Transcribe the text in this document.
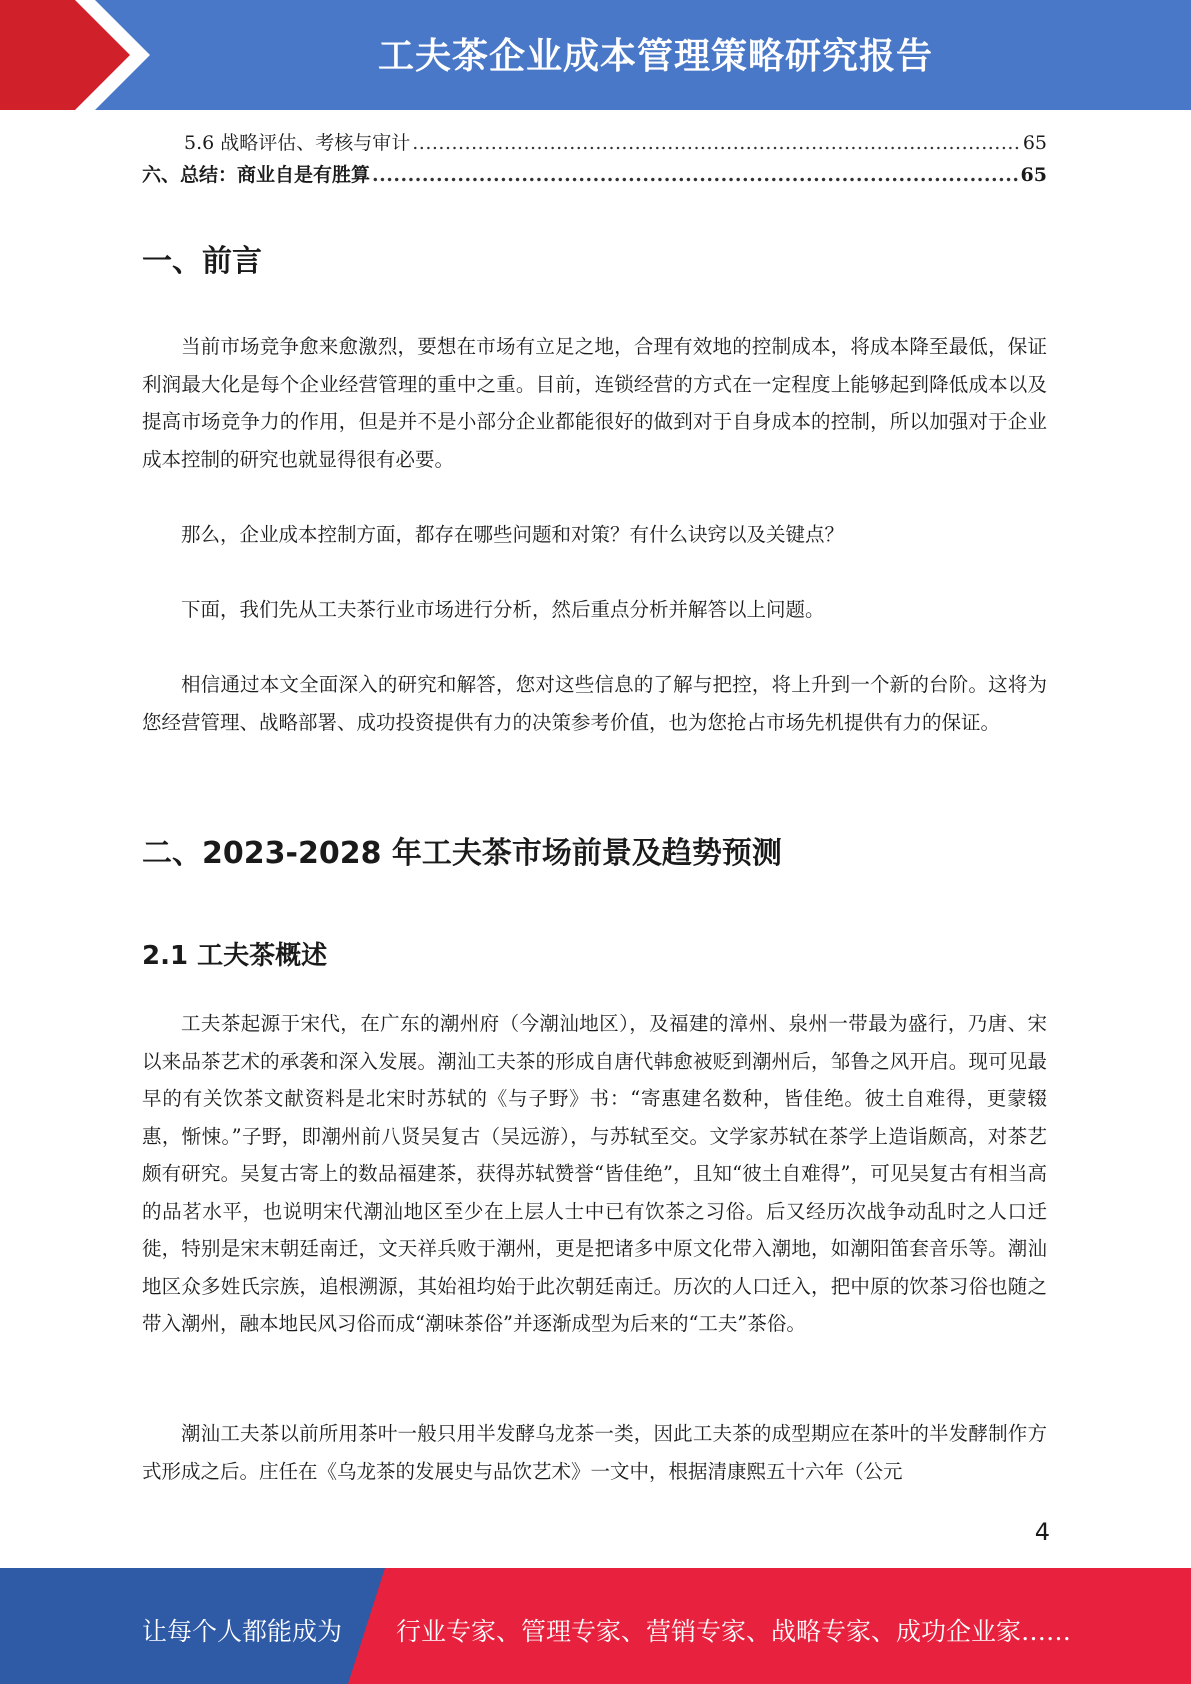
工夫茶企业成本管理策略研究报告
5.6 战略评估、考核与审计 .....	65
六、总结：商业自是有胜算 .....	65
一、前言

当前市场竞争愈来愈激烈，要想在市场有立足之地，合理有效地的控制成本，将成本降至最低，保证利润最大化是每个企业经营管理的重中之重。目前，连锁经营的方式在一定程度上能够起到降低成本以及提高市场竞争力的作用，但是并不是小部分企业都能很好的做到对于自身成本的控制，所以加强对于企业成本控制的研究也就显得很有必要。

那么，企业成本控制方面，都存在哪些问题和对策？有什么诀窍以及关键点？

下面，我们先从工夫茶行业市场进行分析，然后重点分析并解答以上问题。

相信通过本文全面深入的研究和解答，您对这些信息的了解与把控，将上升到一个新的台阶。这将为您经营管理、战略部署、成功投资提供有力的决策参考价值，也为您抢占市场先机提供有力的保证。

二、2023-2028 年工夫茶市场前景及趋势预测
2.1 工夫茶概述

工夫茶起源于宋代，在广东的潮州府（今潮汕地区），及福建的漳州、泉州一带最为盛行，乃唐、宋以来品茶艺术的承袭和深入发展。潮汕工夫茶的形成自唐代韩愈被贬到潮州后，邹鲁之风开启。现可见最早的有关饮茶文献资料是北宋时苏轼的《与子野》书：“寄惠建名数种，皆佳绝。彼土自难得，更蒙辍惠，惭悚。”子野，即潮州前八贤吴复古（吴远游），与苏轼至交。文学家苏轼在茶学上造诣颇高，对茶艺颇有研究。吴复古寄上的数品福建茶，获得苏轼赞誉“皆佳绝”，且知“彼土自难得”，可见吴复古有相当高的品茗水平，也说明宋代潮汕地区至少在上层人士中已有饮茶之习俗。后又经历次战争动乱时之人口迁徙，特别是宋末朝廷南迁，文天祥兵败于潮州，更是把诸多中原文化带入潮地，如潮阳笛套音乐等。潮汕地区众多姓氏宗族，追根溯源，其始祖均始于此次朝廷南迁。历次的人口迁入，把中原的饮茶习俗也随之带入潮州，融本地民风习俗而成“潮味茶俗”并逐渐成型为后来的“工夫”茶俗。

潮汕工夫茶以前所用茶叶一般只用半发酵乌龙茶一类，因此工夫茶的成型期应在茶叶的半发酵制作方式形成之后。庄任在《乌龙茶的发展史与品饮艺术》一文中，根据清康熙五十六年（公元

4
让每个人都能成为 行业专家、管理专家、营销专家、战略专家、成功企业家……
